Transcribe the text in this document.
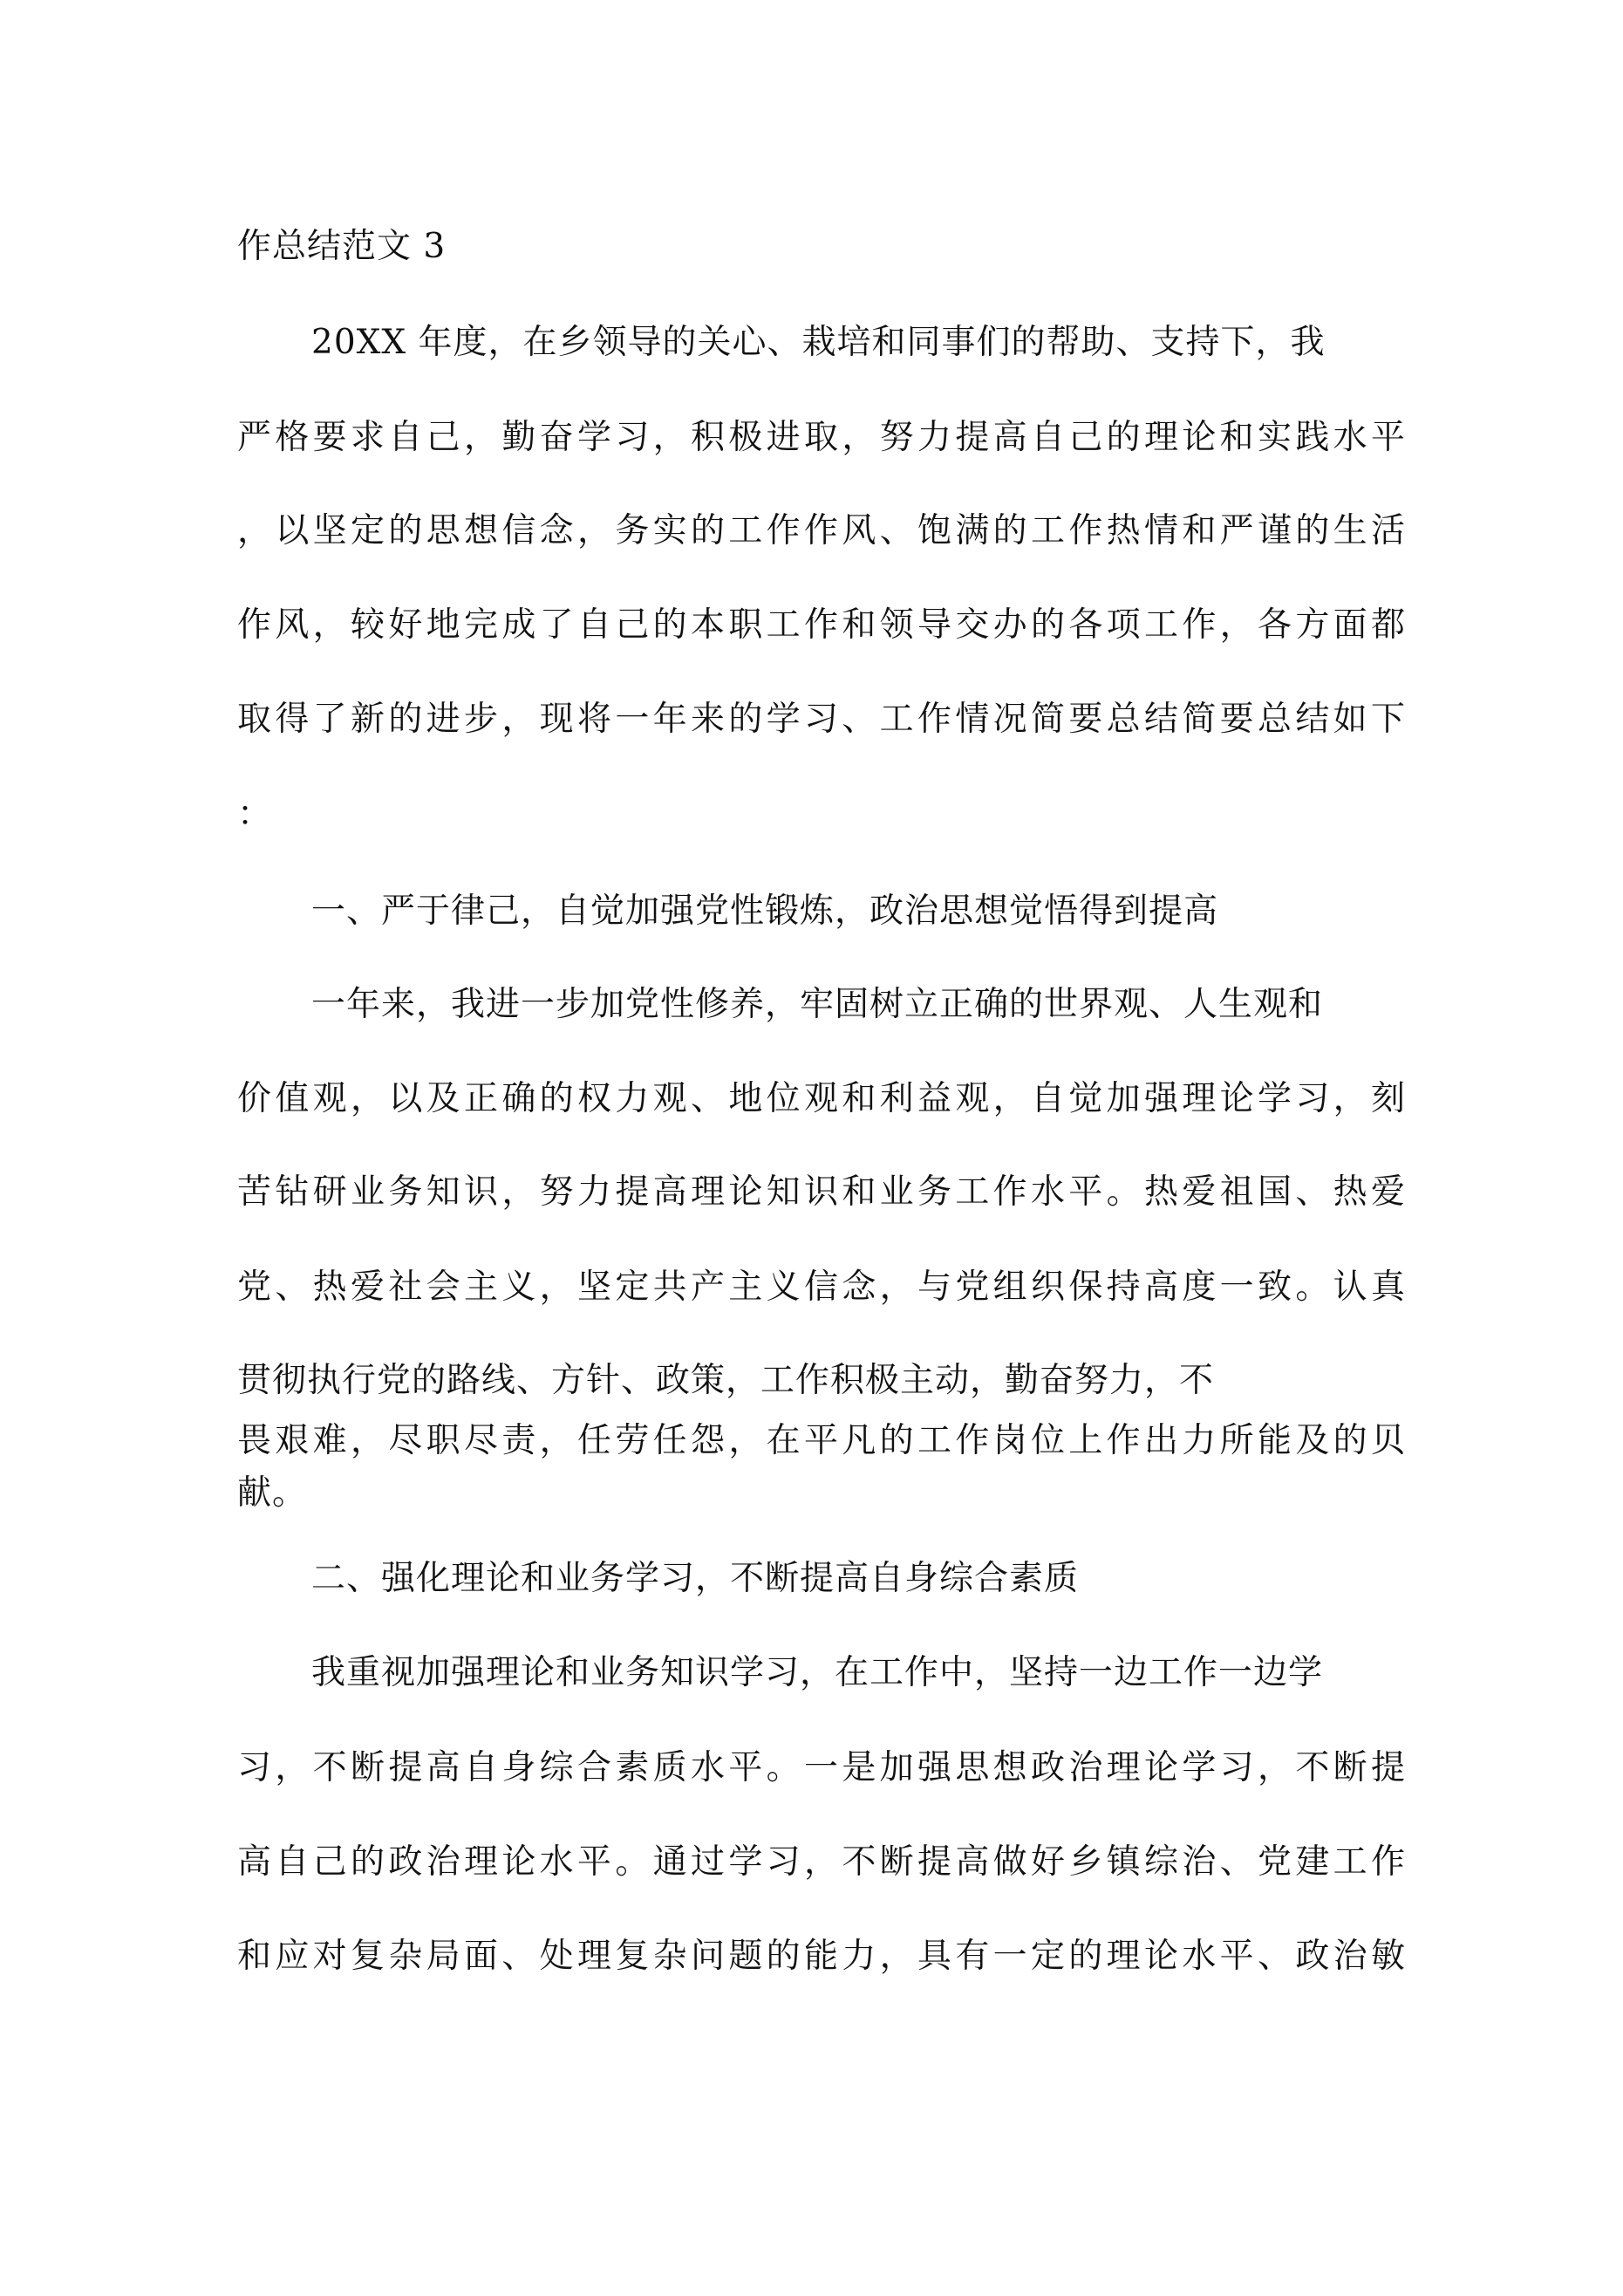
作总结范文 3
20XX 年度，在乡领导的关心、栽培和同事们的帮助、支持下，我
严格要求自己，勤奋学习，积极进取，努力提高自己的理论和实践水平
，以坚定的思想信念，务实的工作作风、饱满的工作热情和严谨的生活
作风，较好地完成了自己的本职工作和领导交办的各项工作，各方面都
取得了新的进步，现将一年来的学习、工作情况简要总结简要总结如下
：
一、严于律己，自觉加强党性锻炼，政治思想觉悟得到提高
一年来，我进一步加党性修养，牢固树立正确的世界观、人生观和
价值观，以及正确的权力观、地位观和利益观，自觉加强理论学习，刻
苦钻研业务知识，努力提高理论知识和业务工作水平。热爱祖国、热爱
党、热爱社会主义，坚定共产主义信念，与党组织保持高度一致。认真
贯彻执行党的路线、方针、政策，工作积极主动，勤奋努力，不
畏艰难，尽职尽责，任劳任怨，在平凡的工作岗位上作出力所能及的贝
献。
二、强化理论和业务学习，不断提高自身综合素质
我重视加强理论和业务知识学习，在工作中，坚持一边工作一边学
习，不断提高自身综合素质水平。一是加强思想政治理论学习，不断提
高自己的政治理论水平。通过学习，不断提高做好乡镇综治、党建工作
和应对复杂局面、处理复杂问题的能力，具有一定的理论水平、政治敏
